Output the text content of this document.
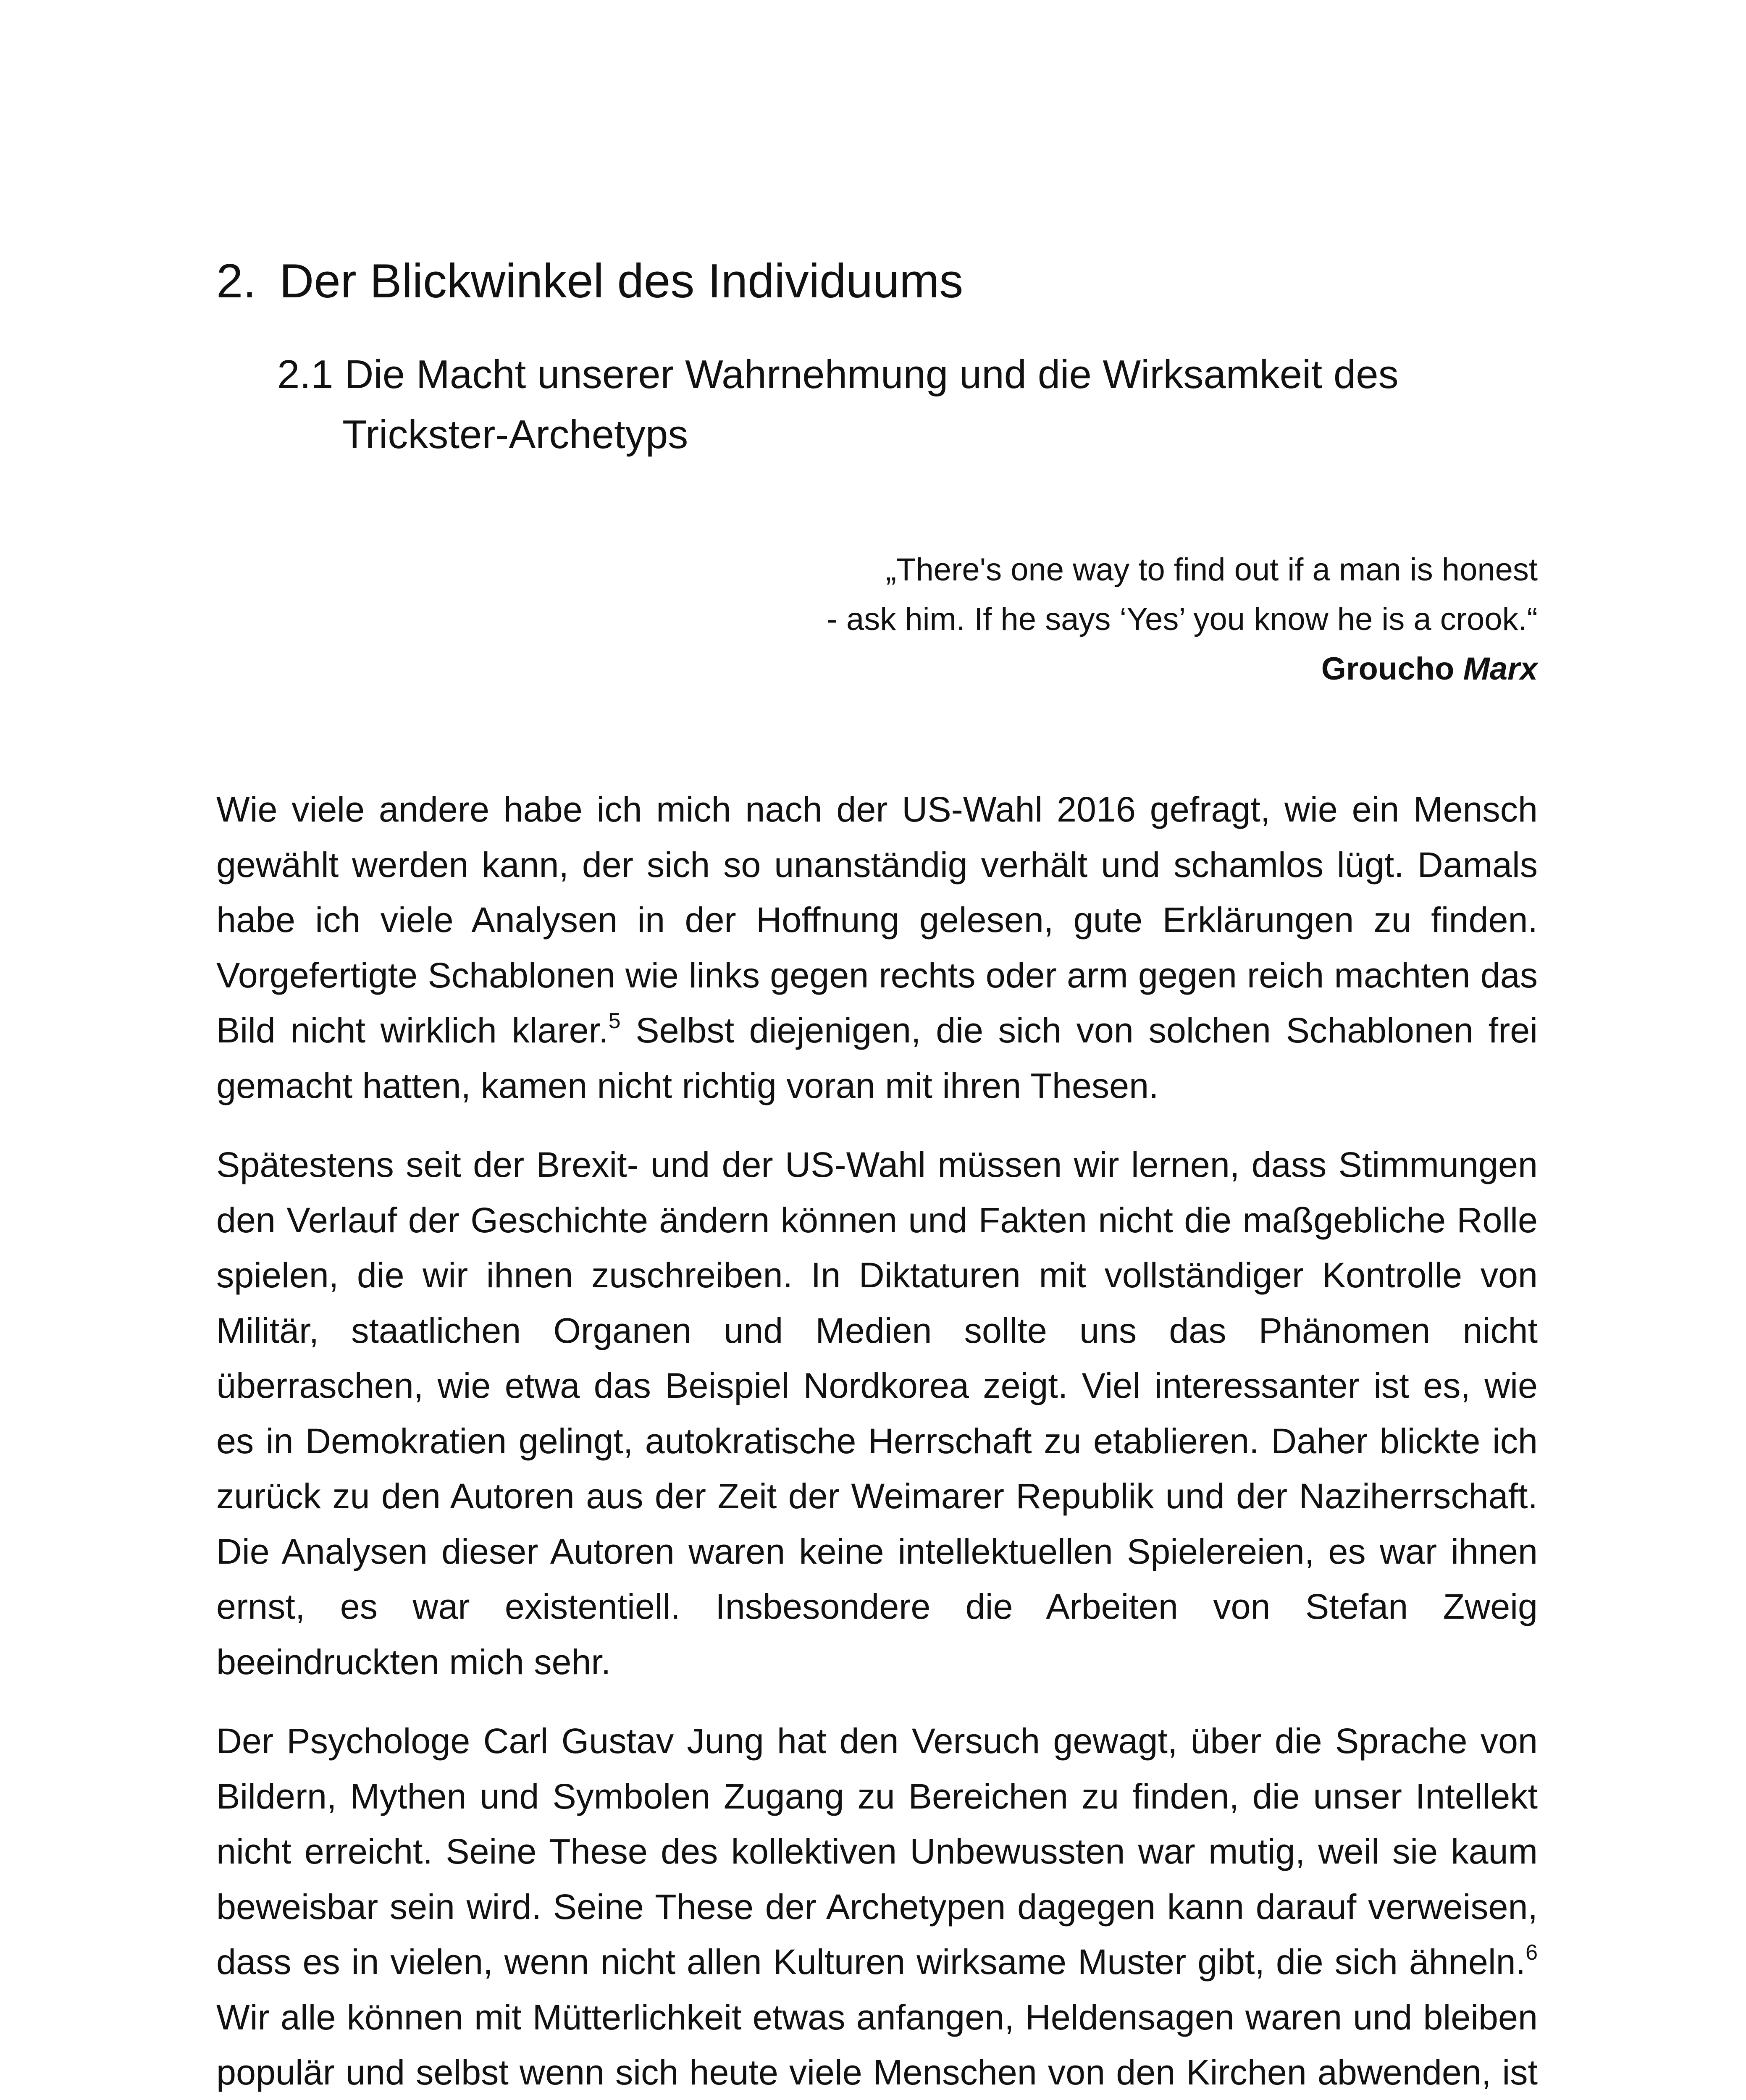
2. Der Blickwinkel des Individuums
2.1 Die Macht unserer Wahrnehmung und die Wirksamkeit des
Trickster-Archetyps
„There's one way to find out if a man is honest
- ask him. If he says ‘Yes’ you know he is a crook.“
Groucho Marx

Wie viele andere habe ich mich nach der US-Wahl 2016 gefragt, wie ein Mensch gewählt werden kann, der sich so unanständig verhält und schamlos lügt. Damals habe ich viele Analysen in der Hoffnung gelesen, gute Erklärungen zu finden. Vorgefertigte Schablonen wie links gegen rechts oder arm gegen reich machten das Bild nicht wirklich klarer.$^5$ Selbst diejenigen, die sich von solchen Schablonen frei gemacht hatten, kamen nicht richtig voran mit ihren Thesen.

Spätestens seit der Brexit- und der US-Wahl müssen wir lernen, dass Stimmungen den Verlauf der Geschichte ändern können und Fakten nicht die maßgebliche Rolle spielen, die wir ihnen zuschreiben. In Diktaturen mit vollständiger Kontrolle von Militär, staatlichen Organen und Medien sollte uns das Phänomen nicht überraschen, wie etwa das Beispiel Nordkorea zeigt. Viel interessanter ist es, wie es in Demokratien gelingt, autokratische Herrschaft zu etablieren. Daher blickte ich zurück zu den Autoren aus der Zeit der Weimarer Republik und der Naziherrschaft. Die Analysen dieser Autoren waren keine intellektuellen Spielereien, es war ihnen ernst, es war existentiell. Insbesondere die Arbeiten von Stefan Zweig beeindruckten mich sehr.

Der Psychologe Carl Gustav Jung hat den Versuch gewagt, über die Sprache von Bildern, Mythen und Symbolen Zugang zu Bereichen zu finden, die unser Intellekt nicht erreicht. Seine These des kollektiven Unbewussten war mutig, weil sie kaum beweisbar sein wird. Seine These der Archetypen dagegen kann darauf verweisen, dass es in vielen, wenn nicht allen Kulturen wirksame Muster gibt, die sich ähneln.$^6$ Wir alle können mit Mütterlichkeit etwas anfangen, Heldensagen waren und bleiben populär und selbst wenn sich heute viele Menschen von den Kirchen abwenden, ist
